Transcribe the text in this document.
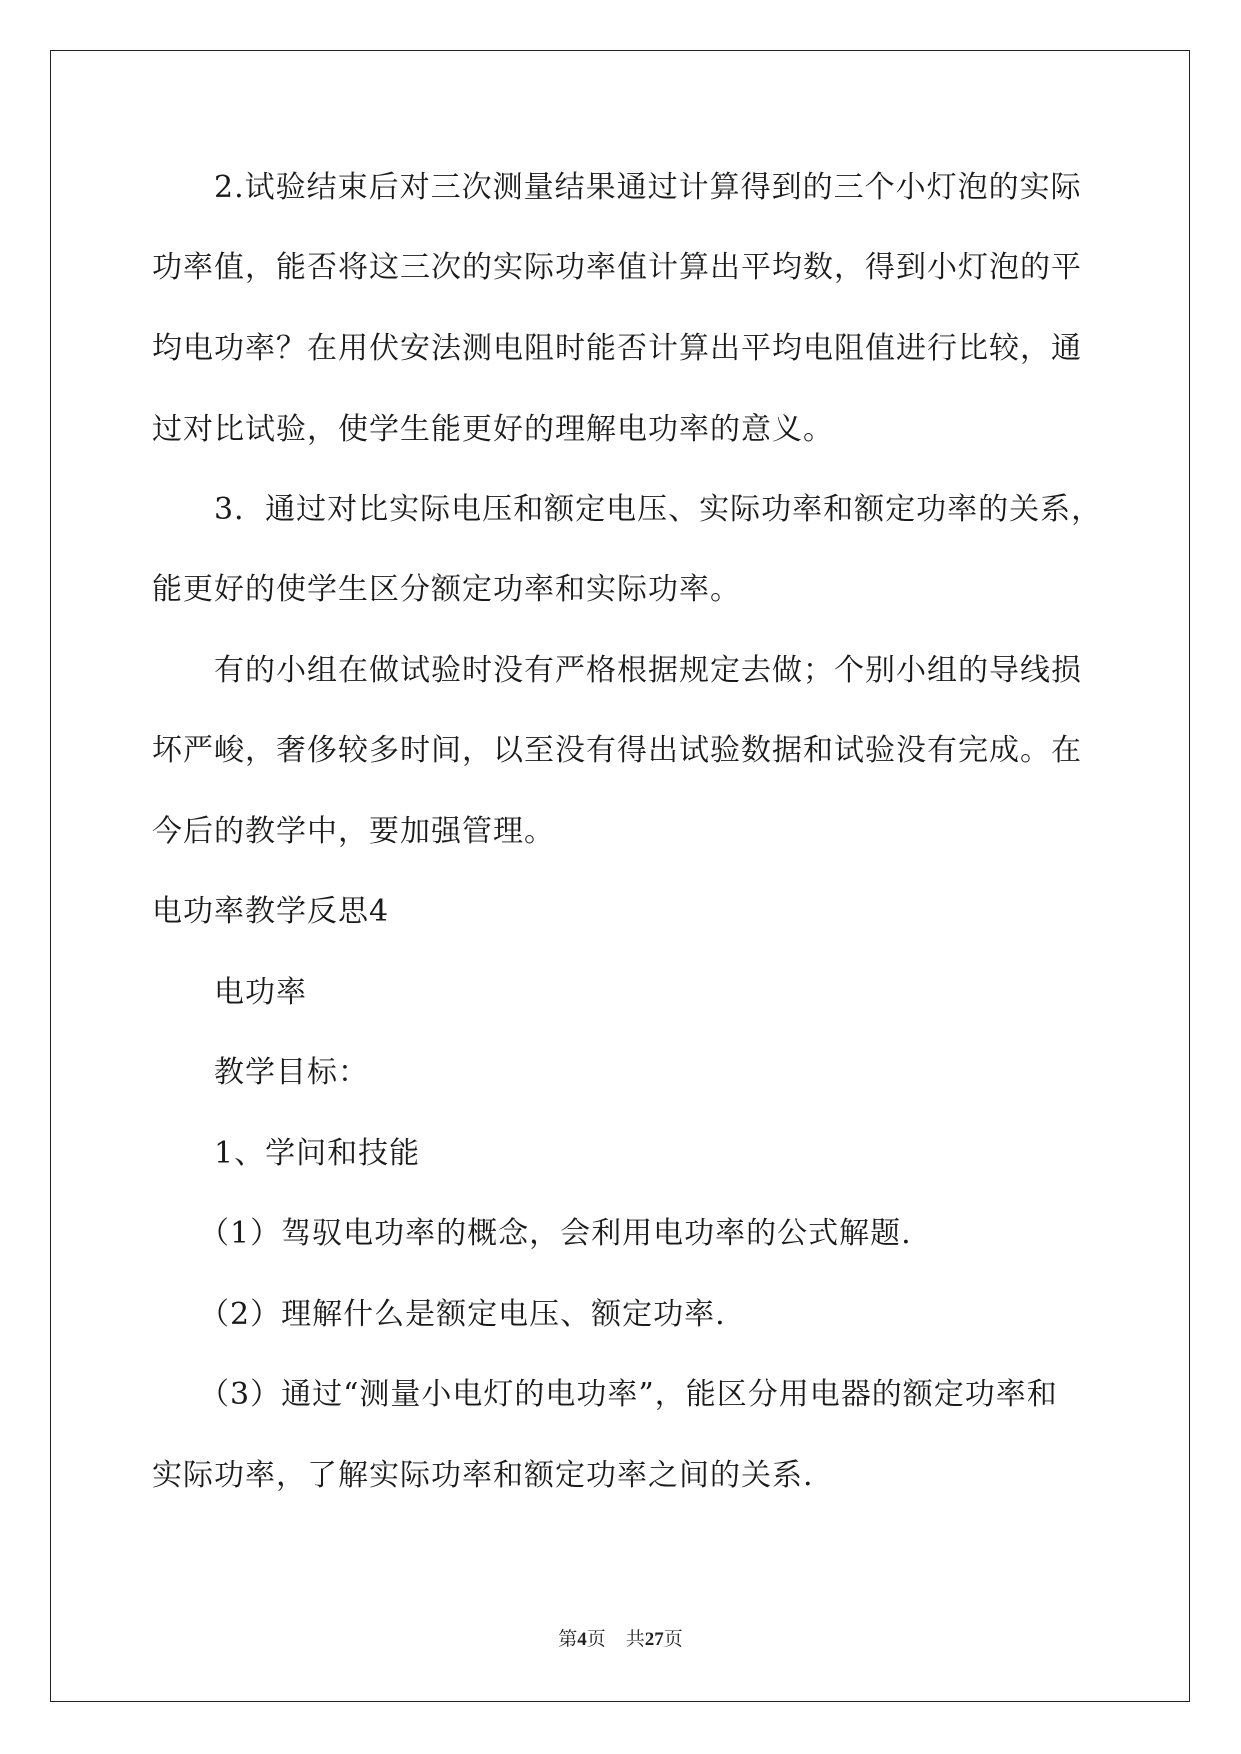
　　2.试验结束后对三次测量结果通过计算得到的三个小灯泡的实际
功率值，能否将这三次的实际功率值计算出平均数，得到小灯泡的平
均电功率？在用伏安法测电阻时能否计算出平均电阻值进行比较，通
过对比试验，使学生能更好的理解电功率的意义。
　　3．通过对比实际电压和额定电压、实际功率和额定功率的关系，
能更好的使学生区分额定功率和实际功率。
　　有的小组在做试验时没有严格根据规定去做；个别小组的导线损
坏严峻，奢侈较多时间，以至没有得出试验数据和试验没有完成。在
今后的教学中，要加强管理。
电功率教学反思4
　　电功率
　　教学目标：
　　1、学问和技能
　　（1）驾驭电功率的概念，会利用电功率的公式解题.
　　（2）理解什么是额定电压、额定功率.
　　（3）通过“测量小电灯的电功率”，能区分用电器的额定功率和
实际功率，了解实际功率和额定功率之间的关系.
第4页 共27页
